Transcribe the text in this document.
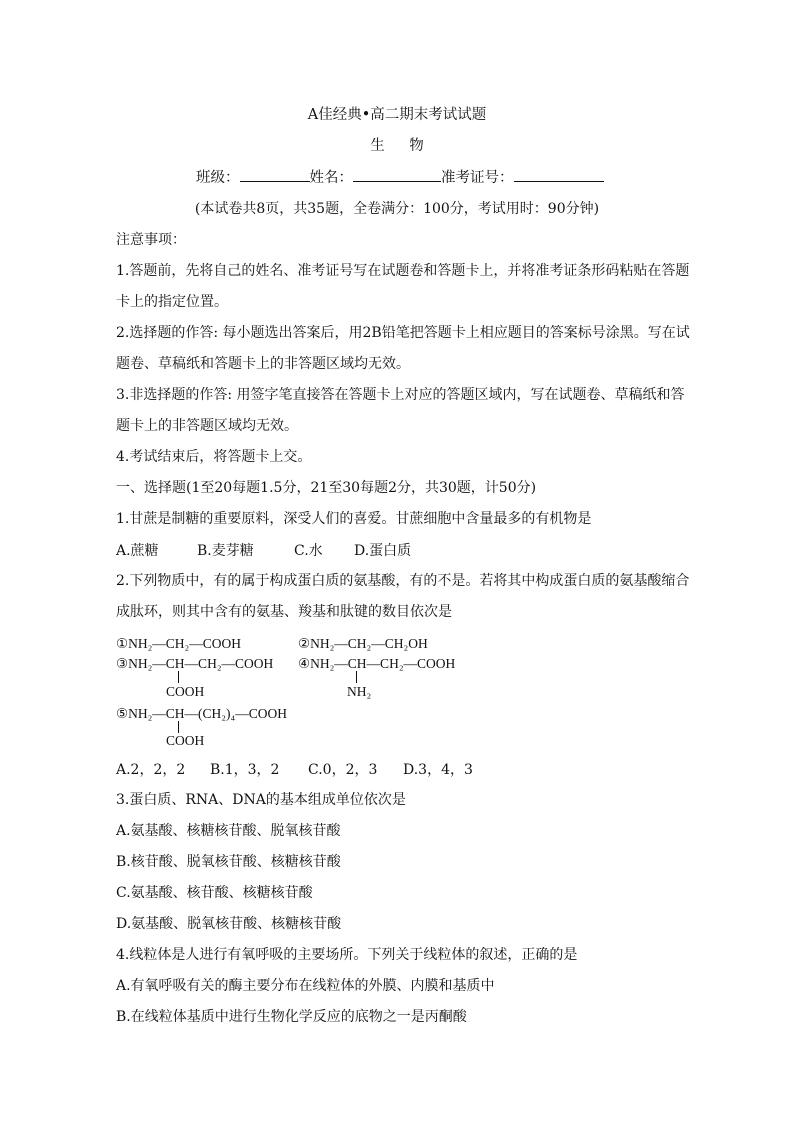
A佳经典•高二期末考试试题
生 物
班级：	姓名：	准考证号：
(本试卷共8页，共35题，全卷满分：100分，考试用时：90分钟)
注意事项：
1.答题前，先将自己的姓名、准考证号写在试题卷和答题卡上，并将准考证条形码粘贴在答题
卡上的指定位置。
2.选择题的作答: 每小题选出答案后，用2B铅笔把答题卡上相应题目的答案标号涂黑。写在试
题卷、草稿纸和答题卡上的非答题区域均无效。
3.非选择题的作答: 用签字笔直接答在答题卡上对应的答题区域内，写在试题卷、草稿纸和答
题卡上的非答题区域均无效。
4.考试结束后，将答题卡上交。
一、选择题(1至20每题1.5分，21至30每题2分，共30题，计50分)
1.甘蔗是制糖的重要原料，深受人们的喜爱。甘蔗细胞中含量最多的有机物是
A.蔗糖	B.麦芽糖	C.水 D.蛋白质
2.下列物质中，有的属于构成蛋白质的氨基酸，有的不是。若将其中构成蛋白质的氨基酸缩合
成肽环，则其中含有的氨基、羧基和肽键的数目依次是
①NH₂—CH₂—COOH	②NH₂—CH₂—CH₂OH
③NH₂—CH—CH₂—COOH
COOH
④NH₂—CH—CH₂—COOH
NH₂
⑤NH₂—CH—(CH₂)₄—COOH
COOH
A.2，2，2 B.1，3，2 C.0，2，3 D.3，4，3
3.蛋白质、RNA、DNA的基本组成单位依次是
A.氨基酸、核糖核苷酸、脱氧核苷酸
B.核苷酸、脱氧核苷酸、核糖核苷酸
C.氨基酸、核苷酸、核糖核苷酸
D.氨基酸、脱氧核苷酸、核糖核苷酸
4.线粒体是人进行有氧呼吸的主要场所。下列关于线粒体的叙述，正确的是
A.有氧呼吸有关的酶主要分布在线粒体的外膜、内膜和基质中
B.在线粒体基质中进行生物化学反应的底物之一是丙酮酸
